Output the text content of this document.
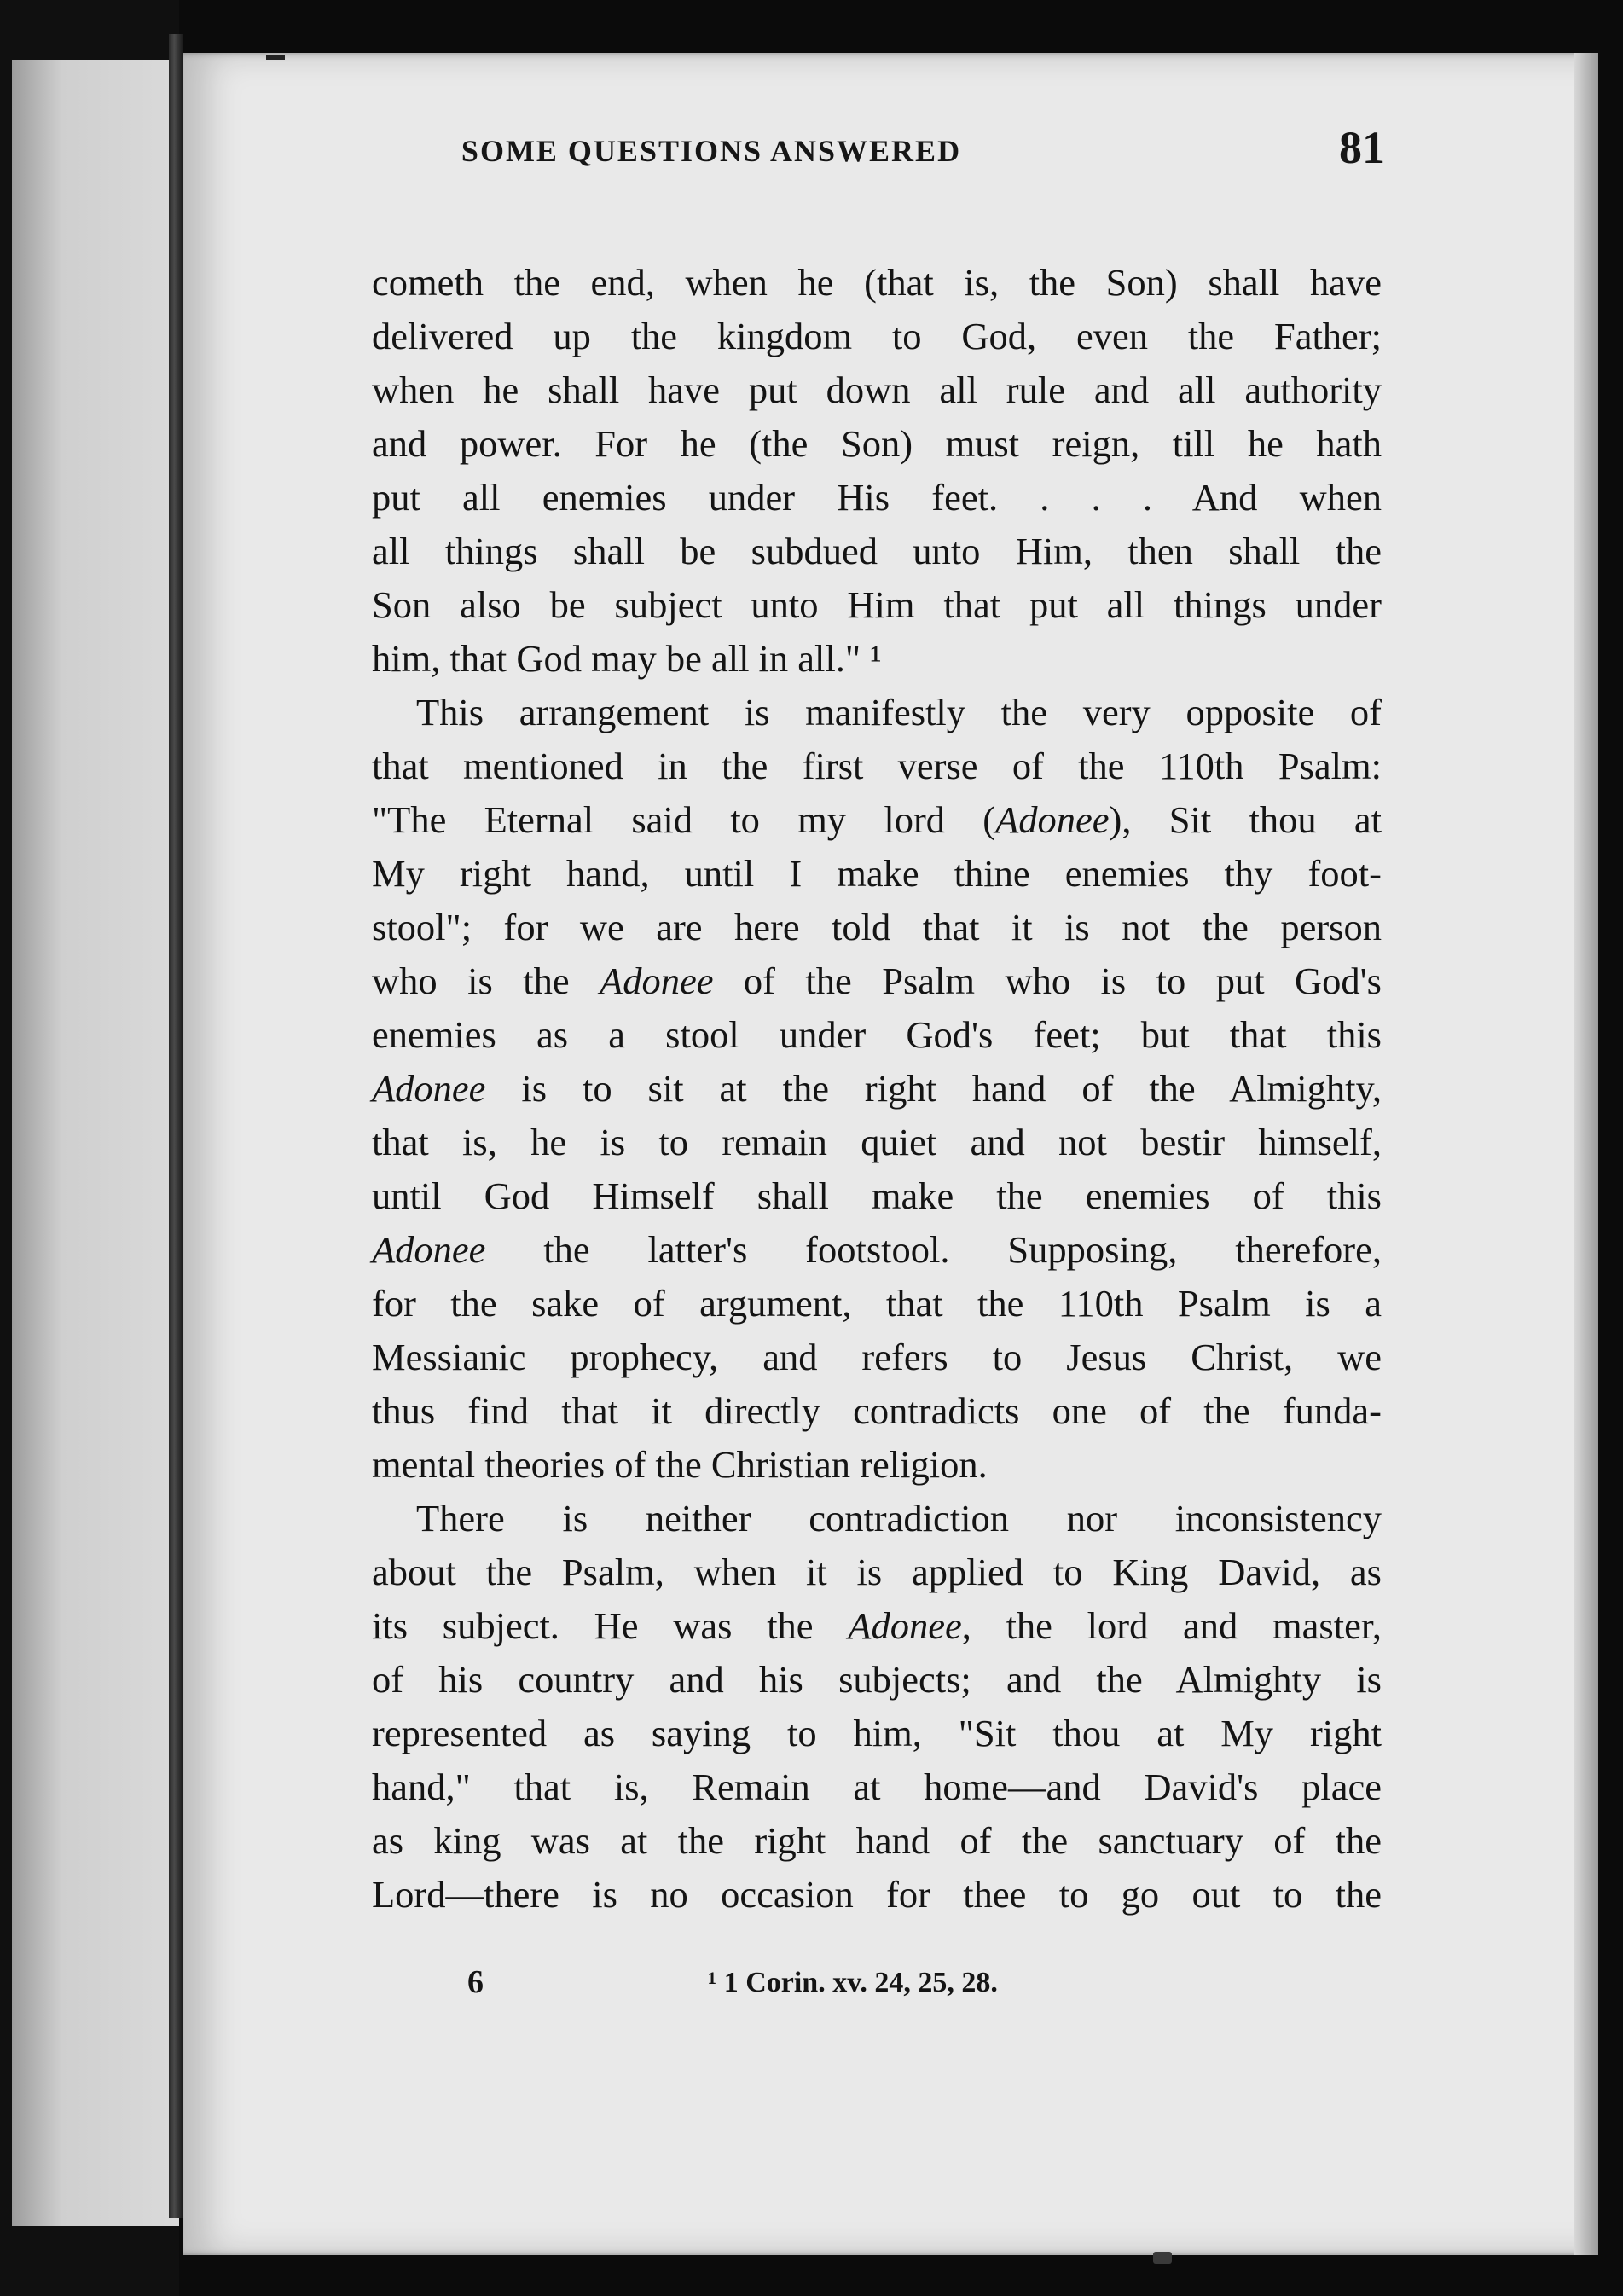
SOME QUESTIONS ANSWERED	81
cometh the end, when he (that is, the Son) shall have
delivered up the kingdom to God, even the Father;
when he shall have put down all rule and all authority
and power. For he (the Son) must reign, till he hath
put all enemies under His feet. . . . And when
all things shall be subdued unto Him, then shall the
Son also be subject unto Him that put all things under
him, that God may be all in all." ¹
This arrangement is manifestly the very opposite of
that mentioned in the first verse of the 110th Psalm:
"The Eternal said to my lord (Adonee), Sit thou at
My right hand, until I make thine enemies thy foot-
stool"; for we are here told that it is not the person
who is the Adonee of the Psalm who is to put God's
enemies as a stool under God's feet; but that this
Adonee is to sit at the right hand of the Almighty,
that is, he is to remain quiet and not bestir himself,
until God Himself shall make the enemies of this
Adonee the latter's footstool. Supposing, therefore,
for the sake of argument, that the 110th Psalm is a
Messianic prophecy, and refers to Jesus Christ, we
thus find that it directly contradicts one of the funda-
mental theories of the Christian religion.
There is neither contradiction nor inconsistency
about the Psalm, when it is applied to King David, as
its subject. He was the Adonee, the lord and master,
of his country and his subjects; and the Almighty is
represented as saying to him, "Sit thou at My right
hand," that is, Remain at home—and David's place
as king was at the right hand of the sanctuary of the
Lord—there is no occasion for thee to go out to the
6	¹ 1 Corin. xv. 24, 25, 28.
